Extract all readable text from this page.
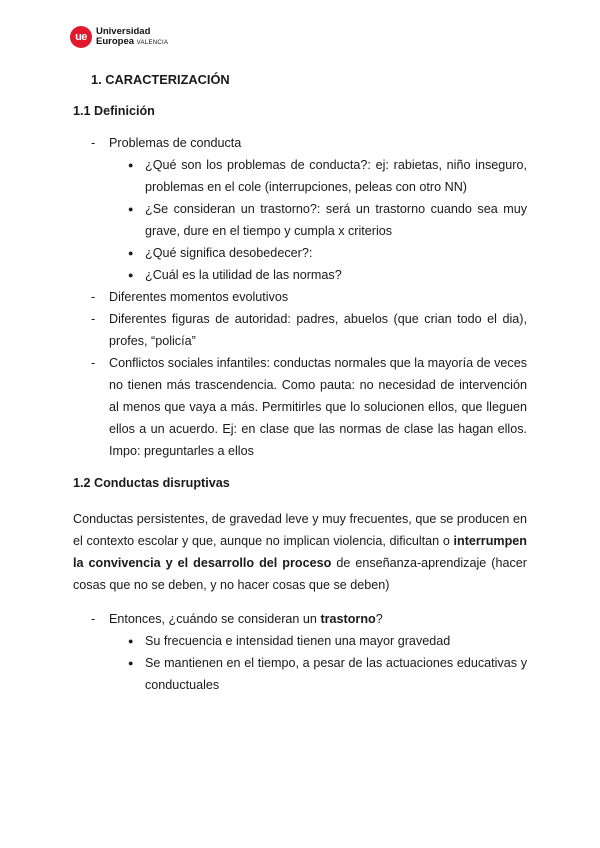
ue Universidad
Europea VALENCIA
1. CARACTERIZACIÓN
1.1 Definición
- Problemas de conducta
● ¿Qué son los problemas de conducta?: ej: rabietas, niño inseguro, problemas en el cole (interrupciones, peleas con otro NN)
● ¿Se consideran un trastorno?: será un trastorno cuando sea muy grave, dure en el tiempo y cumpla x criterios
● ¿Qué significa desobedecer?:
● ¿Cuál es la utilidad de las normas?
- Diferentes momentos evolutivos
- Diferentes figuras de autoridad: padres, abuelos (que crian todo el dia), profes, “policía”
- Conflictos sociales infantiles: conductas normales que la mayoría de veces no tienen más trascendencia. Como pauta: no necesidad de intervención al menos que vaya a más. Permitirles que lo solucionen ellos, que lleguen ellos a un acuerdo. Ej: en clase que las normas de clase las hagan ellos. Impo: preguntarles a ellos
1.2 Conductas disruptivas

Conductas persistentes, de gravedad leve y muy frecuentes, que se producen en el contexto escolar y que, aunque no implican violencia, dificultan o interrumpen la convivencia y el desarrollo del proceso de enseñanza-aprendizaje (hacer cosas que no se deben, y no hacer cosas que se deben)

- Entonces, ¿cuándo se consideran un trastorno?
● Su frecuencia e intensidad tienen una mayor gravedad
● Se mantienen en el tiempo, a pesar de las actuaciones educativas y conductuales
